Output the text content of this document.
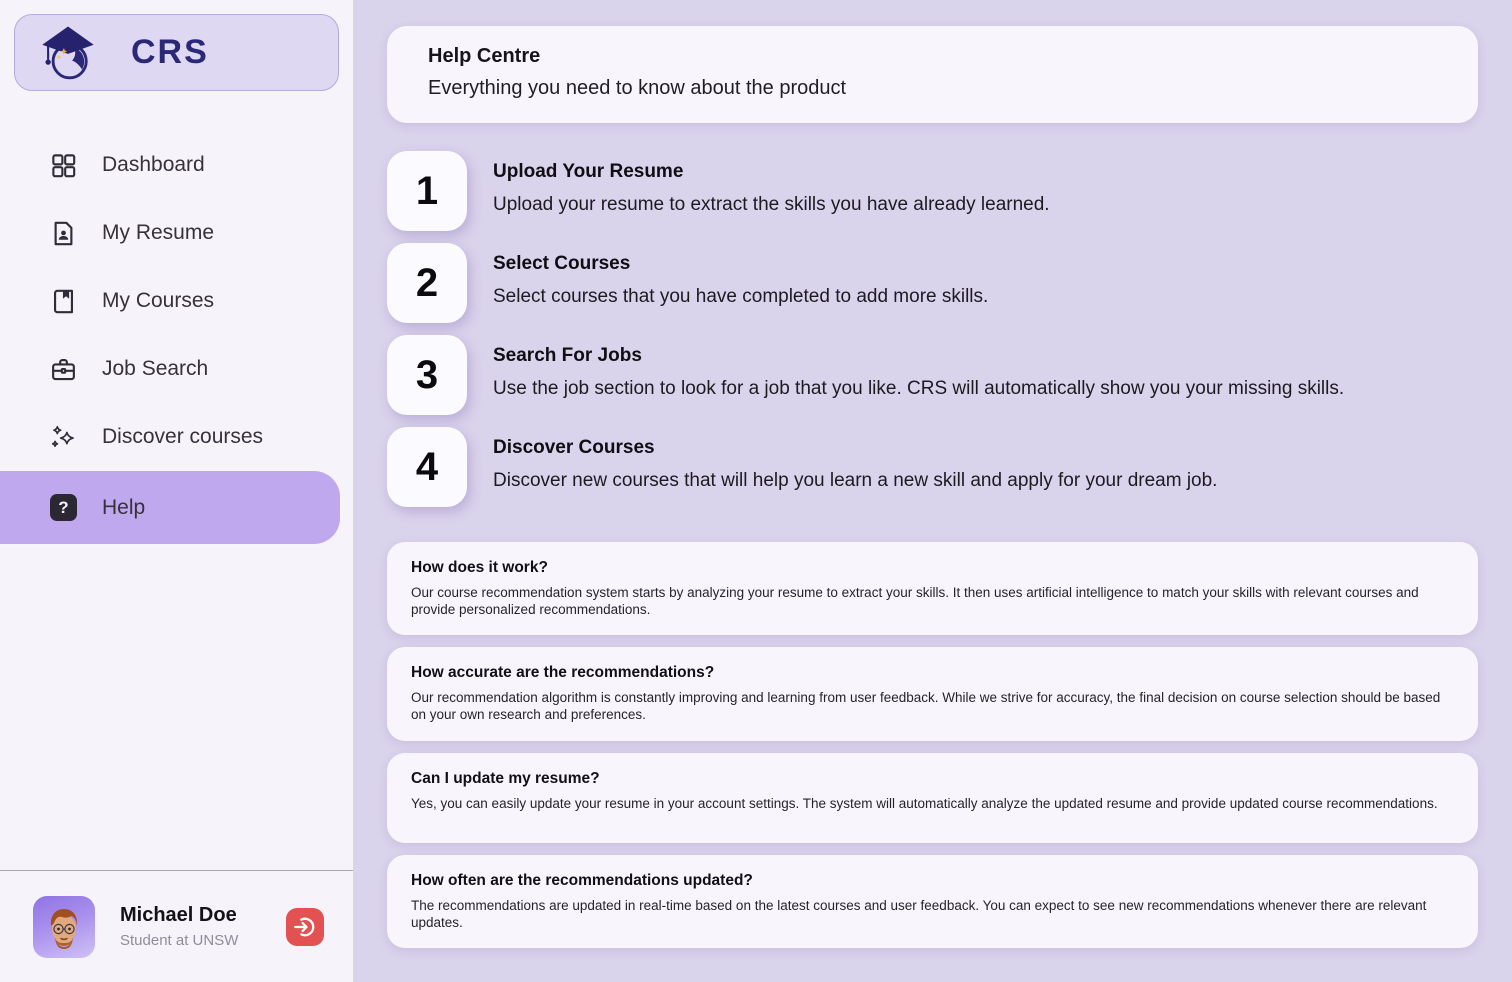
CRS
Dashboard
My Resume
My Courses
Job Search
Discover courses
?	Help
Michael Doe
Student at UNSW
Help Centre
Everything you need to know about the product
1	Upload Your Resume
Upload your resume to extract the skills you have already learned.
2	Select Courses
Select courses that you have completed to add more skills.
3	Search For Jobs
Use the job section to look for a job that you like. CRS will automatically show you your missing skills.
4	Discover Courses
Discover new courses that will help you learn a new skill and apply for your dream job.
How does it work?
Our course recommendation system starts by analyzing your resume to extract your skills. It then uses artificial intelligence to match your skills with relevant courses and provide personalized recommendations.
How accurate are the recommendations?
Our recommendation algorithm is constantly improving and learning from user feedback. While we strive for accuracy, the final decision on course selection should be based on your own research and preferences.
Can I update my resume?
Yes, you can easily update your resume in your account settings. The system will automatically analyze the updated resume and provide updated course recommendations.
How often are the recommendations updated?
The recommendations are updated in real-time based on the latest courses and user feedback. You can expect to see new recommendations whenever there are relevant updates.
